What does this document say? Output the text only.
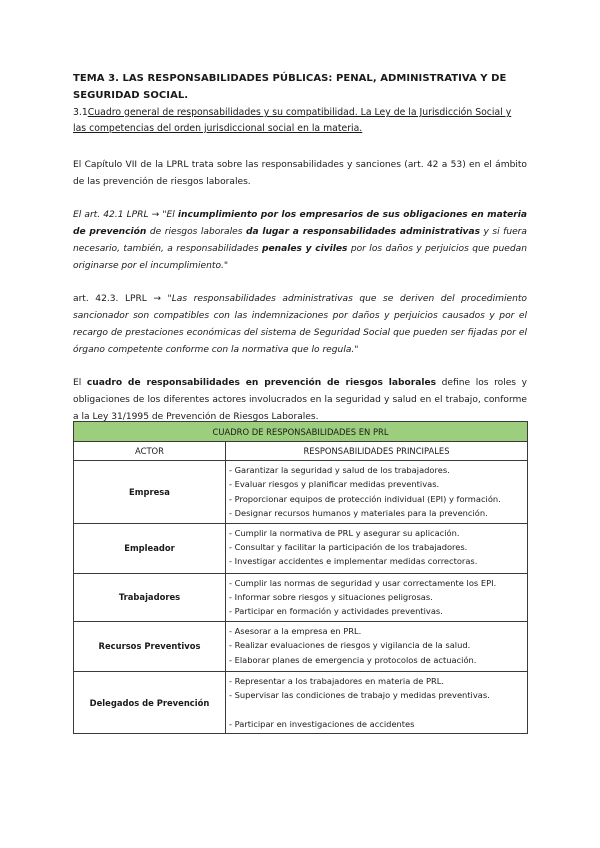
TEMA 3. LAS RESPONSABILIDADES PÚBLICAS: PENAL, ADMINISTRATIVA Y DE SEGURIDAD SOCIAL.
3.1Cuadro general de responsabilidades y su compatibilidad. La Ley de la Jurisdicción Social y las competencias del orden jurisdiccional social en la materia.

El Capítulo VII de la LPRL trata sobre las responsabilidades y sanciones (art. 42 a 53) en el ámbito de las prevención de riesgos laborales.

El art. 42.1 LPRL → "El incumplimiento por los empresarios de sus obligaciones en materia de prevención de riesgos laborales da lugar a responsabilidades administrativas y si fuera necesario, también, a responsabilidades penales y civiles por los daños y perjuicios que puedan originarse por el incumplimiento."

art. 42.3. LPRL → "Las responsabilidades administrativas que se deriven del procedimiento sancionador son compatibles con las indemnizaciones por daños y perjuicios causados y por el recargo de prestaciones económicas del sistema de Seguridad Social que pueden ser fijadas por el órgano competente conforme con la normativa que lo regula."

El cuadro de responsabilidades en prevención de riesgos laborales define los roles y obligaciones de los diferentes actores involucrados en la seguridad y salud en el trabajo, conforme a la Ley 31/1995 de Prevención de Riesgos Laborales.

CUADRO DE RESPONSABILIDADES EN PRL	
ACTOR	RESPONSABILIDADES PRINCIPALES
Empresa	- Garantizar la seguridad y salud de los trabajadores.
- Evaluar riesgos y planificar medidas preventivas.
- Proporcionar equipos de protección individual (EPI) y formación.
- Designar recursos humanos y materiales para la prevención.

Empleador	- Cumplir la normativa de PRL y asegurar su aplicación.
- Consultar y facilitar la participación de los trabajadores.
- Investigar accidentes e implementar medidas correctoras.

Trabajadores	- Cumplir las normas de seguridad y usar correctamente los EPI.
- Informar sobre riesgos y situaciones peligrosas.
- Participar en formación y actividades preventivas.

Recursos Preventivos	- Asesorar a la empresa en PRL.
- Realizar evaluaciones de riesgos y vigilancia de la salud.
- Elaborar planes de emergencia y protocolos de actuación.

Delegados de Prevención	- Representar a los trabajadores en materia de PRL.
- Supervisar las condiciones de trabajo y medidas preventivas.
- Participar en investigaciones de accidentes
